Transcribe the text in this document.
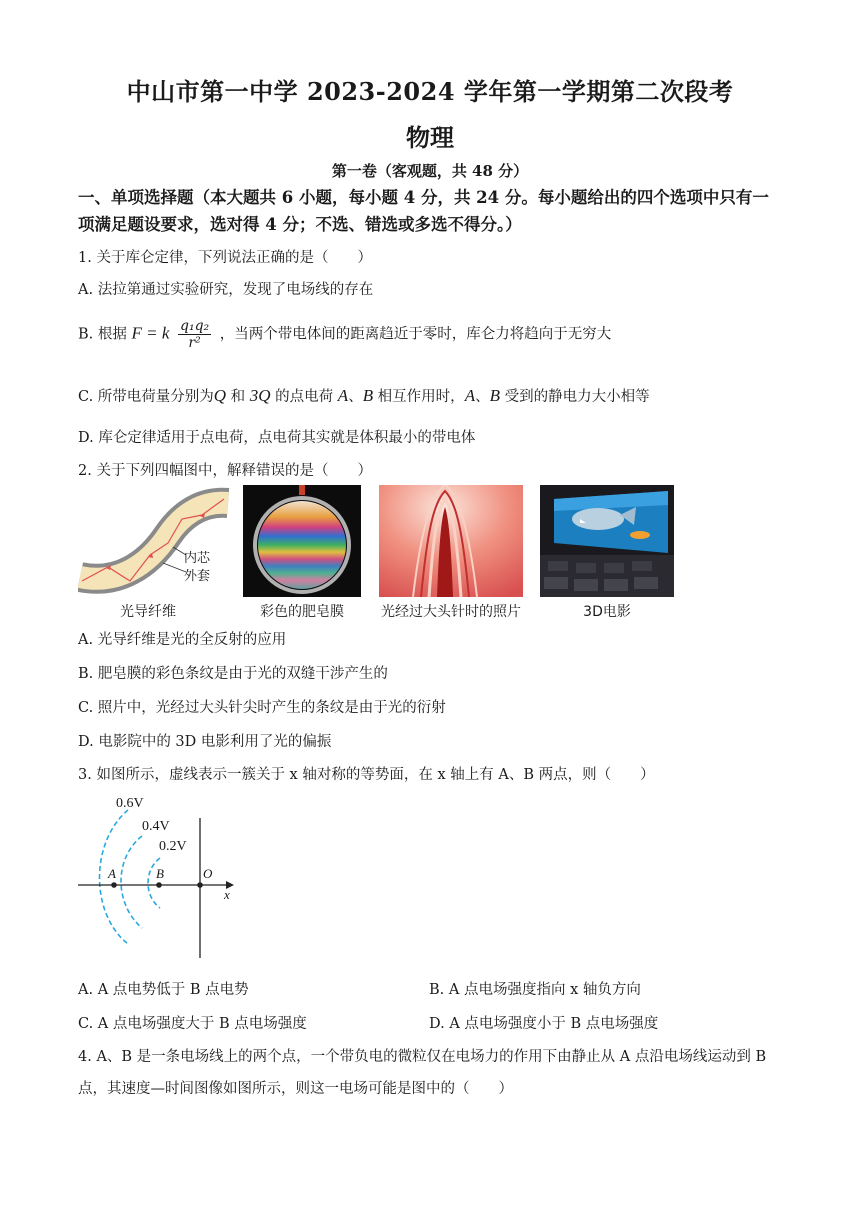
中山市第一中学 2023-2024 学年第一学期第二次段考
物理
第一卷（客观题，共 48 分）
一、单项选择题（本大题共 6 小题，每小题 4 分，共 24 分。每小题给出的四个选项中只有一
项满足题设要求，选对得 4 分；不选、错选或多选不得分。）
1. 关于库仑定律，下列说法正确的是（　　）
A. 法拉第通过实验研究，发现了电场线的存在
B. 根据 F = k $\frac{\text{q₁q₂}}{\text{r²}}$ ，当两个带电体间的距离趋近于零时，库仑力将趋向于无穷大
C. 所带电荷量分别为Q 和 3Q 的点电荷 A、B 相互作用时，A、B 受到的静电力大小相等
D. 库仑定律适用于点电荷，点电荷其实就是体积最小的带电体
2. 关于下列四幅图中，解释错误的是（　　）
内芯
外套
光导纤维	彩色的肥皂膜	光经过大头针时的照片	3D电影
A. 光导纤维是光的全反射的应用
B. 肥皂膜的彩色条纹是由于光的双缝干涉产生的
C. 照片中，光经过大头针尖时产生的条纹是由于光的衍射
D. 电影院中的 3D 电影利用了光的偏振
3. 如图所示，虚线表示一簇关于 x 轴对称的等势面，在 x 轴上有 A、B 两点，则（　　）
0.6V
0.4V
0.2V
A	B	O
x
A. A 点电势低于 B 点电势	B. A 点电场强度指向 x 轴负方向
C. A 点电场强度大于 B 点电场强度	D. A 点电场强度小于 B 点电场强度
4. A、B 是一条电场线上的两个点，一个带负电的微粒仅在电场力的作用下由静止从 A 点沿电场线运动到 B
点，其速度—时间图像如图所示，则这一电场可能是图中的（　　）
